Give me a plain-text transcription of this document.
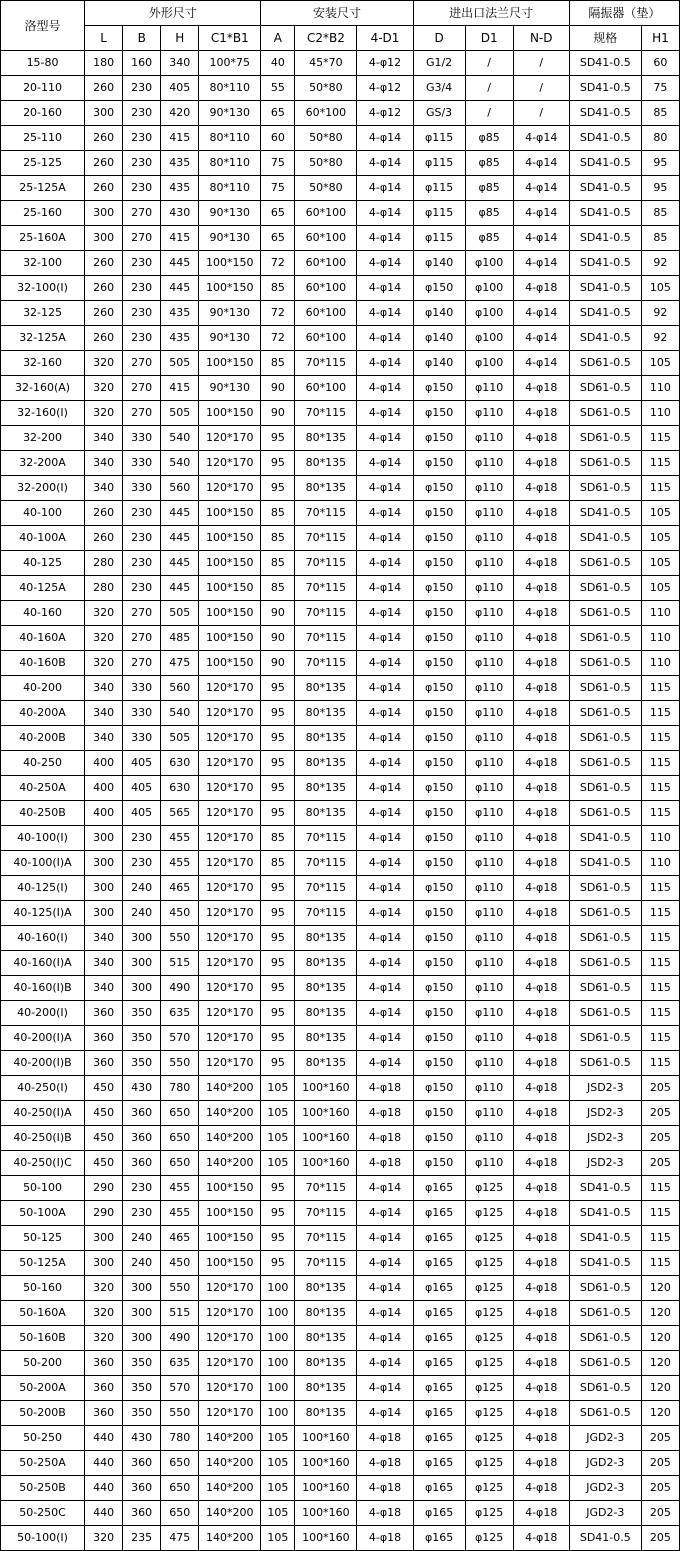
洛型号	外形尺寸				安装尺寸			进出口法兰尺寸			隔振器（垫）	
	L	B	H	C1*B1	A	C2*B2	4-D1	D	D1	N-D	规格	H1
15-80	180	160	340	100*75	40	45*70	4-φ12	G1/2	/	/	SD41-0.5	60
20-110	260	230	405	80*110	55	50*80	4-φ12	G3/4	/	/	SD41-0.5	75
20-160	300	230	420	90*130	65	60*100	4-φ12	GS/3	/	/	SD41-0.5	85
25-110	260	230	415	80*110	60	50*80	4-φ14	φ115	φ85	4-φ14	SD41-0.5	80
25-125	260	230	435	80*110	75	50*80	4-φ14	φ115	φ85	4-φ14	SD41-0.5	95
25-125A	260	230	435	80*110	75	50*80	4-φ14	φ115	φ85	4-φ14	SD41-0.5	95
25-160	300	270	430	90*130	65	60*100	4-φ14	φ115	φ85	4-φ14	SD41-0.5	85
25-160A	300	270	415	90*130	65	60*100	4-φ14	φ115	φ85	4-φ14	SD41-0.5	85
32-100	260	230	445	100*150	72	60*100	4-φ14	φ140	φ100	4-φ14	SD41-0.5	92
32-100(Ⅰ)	260	230	445	100*150	85	60*100	4-φ14	φ150	φ100	4-φ18	SD41-0.5	105
32-125	260	230	435	90*130	72	60*100	4-φ14	φ140	φ100	4-φ14	SD41-0.5	92
32-125A	260	230	435	90*130	72	60*100	4-φ14	φ140	φ100	4-φ14	SD41-0.5	92
32-160	320	270	505	100*150	85	70*115	4-φ14	φ140	φ100	4-φ14	SD61-0.5	105
32-160(A)	320	270	415	90*130	90	60*100	4-φ14	φ150	φ110	4-φ18	SD61-0.5	110
32-160(Ⅰ)	320	270	505	100*150	90	70*115	4-φ14	φ150	φ110	4-φ18	SD61-0.5	110
32-200	340	330	540	120*170	95	80*135	4-φ14	φ150	φ110	4-φ18	SD61-0.5	115
32-200A	340	330	540	120*170	95	80*135	4-φ14	φ150	φ110	4-φ18	SD61-0.5	115
32-200(Ⅰ)	340	330	560	120*170	95	80*135	4-φ14	φ150	φ110	4-φ18	SD61-0.5	115
40-100	260	230	445	100*150	85	70*115	4-φ14	φ150	φ110	4-φ18	SD41-0.5	105
40-100A	260	230	445	100*150	85	70*115	4-φ14	φ150	φ110	4-φ18	SD41-0.5	105
40-125	280	230	445	100*150	85	70*115	4-φ14	φ150	φ110	4-φ18	SD61-0.5	105
40-125A	280	230	445	100*150	85	70*115	4-φ14	φ150	φ110	4-φ18	SD61-0.5	105
40-160	320	270	505	100*150	90	70*115	4-φ14	φ150	φ110	4-φ18	SD61-0.5	110
40-160A	320	270	485	100*150	90	70*115	4-φ14	φ150	φ110	4-φ18	SD61-0.5	110
40-160B	320	270	475	100*150	90	70*115	4-φ14	φ150	φ110	4-φ18	SD61-0.5	110
40-200	340	330	560	120*170	95	80*135	4-φ14	φ150	φ110	4-φ18	SD61-0.5	115
40-200A	340	330	540	120*170	95	80*135	4-φ14	φ150	φ110	4-φ18	SD61-0.5	115
40-200B	340	330	505	120*170	95	80*135	4-φ14	φ150	φ110	4-φ18	SD61-0.5	115
40-250	400	405	630	120*170	95	80*135	4-φ14	φ150	φ110	4-φ18	SD61-0.5	115
40-250A	400	405	630	120*170	95	80*135	4-φ14	φ150	φ110	4-φ18	SD61-0.5	115
40-250B	400	405	565	120*170	95	80*135	4-φ14	φ150	φ110	4-φ18	SD61-0.5	115
40-100(Ⅰ)	300	230	455	120*170	85	70*115	4-φ14	φ150	φ110	4-φ18	SD41-0.5	110
40-100(Ⅰ)A	300	230	455	120*170	85	70*115	4-φ14	φ150	φ110	4-φ18	SD41-0.5	110
40-125(Ⅰ)	300	240	465	120*170	95	70*115	4-φ14	φ150	φ110	4-φ18	SD61-0.5	115
40-125(Ⅰ)A	300	240	450	120*170	95	70*115	4-φ14	φ150	φ110	4-φ18	SD61-0.5	115
40-160(Ⅰ)	340	300	550	120*170	95	80*135	4-φ14	φ150	φ110	4-φ18	SD61-0.5	115
40-160(Ⅰ)A	340	300	515	120*170	95	80*135	4-φ14	φ150	φ110	4-φ18	SD61-0.5	115
40-160(Ⅰ)B	340	300	490	120*170	95	80*135	4-φ14	φ150	φ110	4-φ18	SD61-0.5	115
40-200(Ⅰ)	360	350	635	120*170	95	80*135	4-φ14	φ150	φ110	4-φ18	SD61-0.5	115
40-200(Ⅰ)A	360	350	570	120*170	95	80*135	4-φ14	φ150	φ110	4-φ18	SD61-0.5	115
40-200(Ⅰ)B	360	350	550	120*170	95	80*135	4-φ14	φ150	φ110	4-φ18	SD61-0.5	115
40-250(Ⅰ)	450	430	780	140*200	105	100*160	4-φ18	φ150	φ110	4-φ18	JSD2-3	205
40-250(Ⅰ)A	450	360	650	140*200	105	100*160	4-φ18	φ150	φ110	4-φ18	JSD2-3	205
40-250(Ⅰ)B	450	360	650	140*200	105	100*160	4-φ18	φ150	φ110	4-φ18	JSD2-3	205
40-250(Ⅰ)C	450	360	650	140*200	105	100*160	4-φ18	φ150	φ110	4-φ18	JSD2-3	205
50-100	290	230	455	100*150	95	70*115	4-φ14	φ165	φ125	4-φ18	SD41-0.5	115
50-100A	290	230	455	100*150	95	70*115	4-φ14	φ165	φ125	4-φ18	SD41-0.5	115
50-125	300	240	465	100*150	95	70*115	4-φ14	φ165	φ125	4-φ18	SD41-0.5	115
50-125A	300	240	450	100*150	95	70*115	4-φ14	φ165	φ125	4-φ18	SD41-0.5	115
50-160	320	300	550	120*170	100	80*135	4-φ14	φ165	φ125	4-φ18	SD61-0.5	120
50-160A	320	300	515	120*170	100	80*135	4-φ14	φ165	φ125	4-φ18	SD61-0.5	120
50-160B	320	300	490	120*170	100	80*135	4-φ14	φ165	φ125	4-φ18	SD61-0.5	120
50-200	360	350	635	120*170	100	80*135	4-φ14	φ165	φ125	4-φ18	SD61-0.5	120
50-200A	360	350	570	120*170	100	80*135	4-φ14	φ165	φ125	4-φ18	SD61-0.5	120
50-200B	360	350	550	120*170	100	80*135	4-φ14	φ165	φ125	4-φ18	SD61-0.5	120
50-250	440	430	780	140*200	105	100*160	4-φ18	φ165	φ125	4-φ18	JGD2-3	205
50-250A	440	360	650	140*200	105	100*160	4-φ18	φ165	φ125	4-φ18	JGD2-3	205
50-250B	440	360	650	140*200	105	100*160	4-φ18	φ165	φ125	4-φ18	JGD2-3	205
50-250C	440	360	650	140*200	105	100*160	4-φ18	φ165	φ125	4-φ18	JGD2-3	205
50-100(Ⅰ)	320	235	475	140*200	105	100*160	4-φ18	φ165	φ125	4-φ18	SD41-0.5	205
